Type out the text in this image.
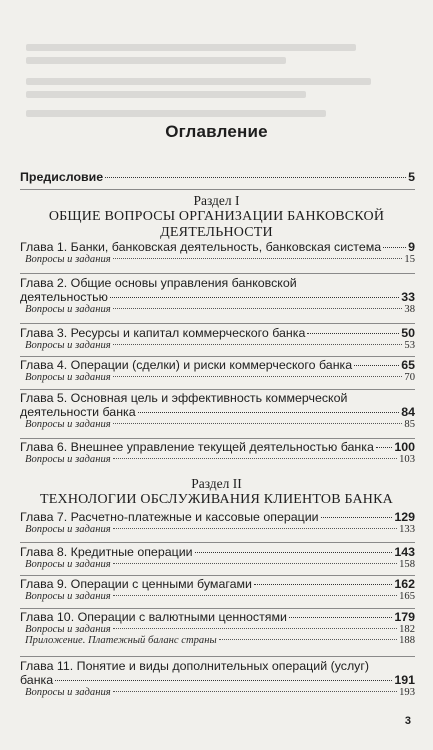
Оглавление
Предисловие	5
Раздел I
ОБЩИЕ ВОПРОСЫ ОРГАНИЗАЦИИ БАНКОВСКОЙ
ДЕЯТЕЛЬНОСТИ
Глава 1. Банки, банковская деятельность, банковская система 9
Вопросы и задания	15
Глава 2. Общие основы управления банковской
деятельностью	33
Вопросы и задания	38
Глава 3. Ресурсы и капитал коммерческого банка	50
Вопросы и задания	53
Глава 4. Операции (сделки) и риски коммерческого банка	65
Вопросы и задания	70
Глава 5. Основная цель и эффективность коммерческой
деятельности банка	84
Вопросы и задания	85
Глава 6. Внешнее управление текущей деятельностью банка 100
Вопросы и задания	103
Раздел II
ТЕХНОЛОГИИ ОБСЛУЖИВАНИЯ КЛИЕНТОВ БАНКА
Глава 7. Расчетно-платежные и кассовые операции	129
Вопросы и задания	133
Глава 8. Кредитные операции	143
Вопросы и задания	158
Глава 9. Операции с ценными бумагами	162
Вопросы и задания	165
Глава 10. Операции с валютными ценностями	179
Вопросы и задания	182
Приложение. Платежный баланс страны	188
Глава 11. Понятие и виды дополнительных операций (услуг)
банка	191
Вопросы и задания	193
3
